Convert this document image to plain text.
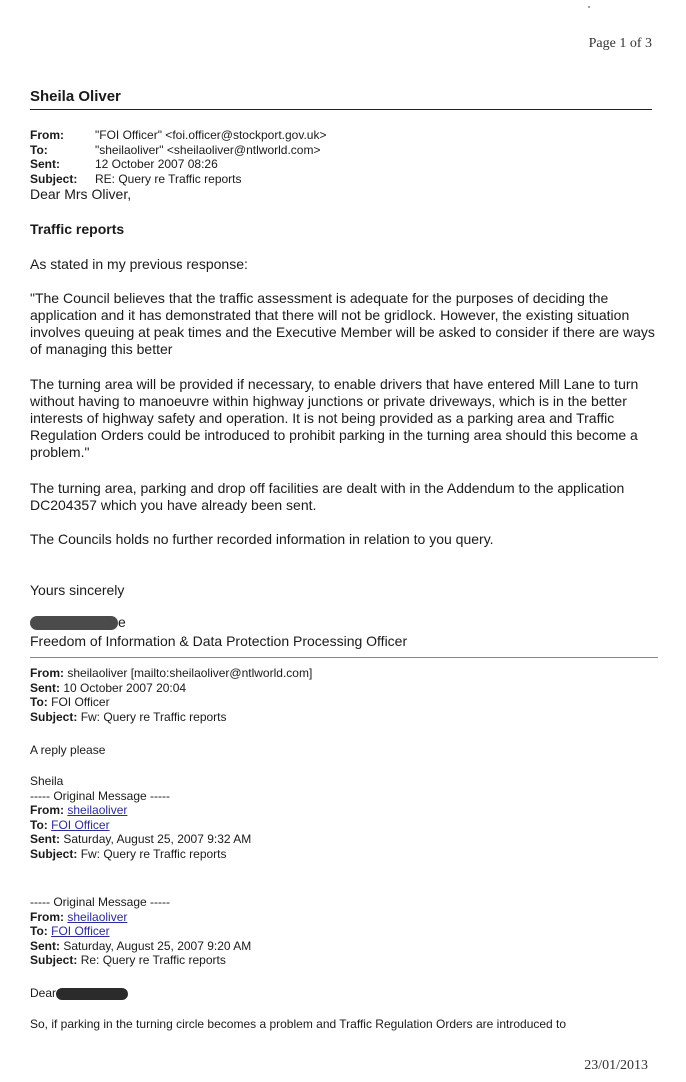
Page 1 of 3
Sheila Oliver
From:	"FOI Officer" <foi.officer@stockport.gov.uk>
To:	"sheilaoliver" <sheilaoliver@ntlworld.com>
Sent:	12 October 2007 08:26
Subject:	RE: Query re Traffic reports
Dear Mrs Oliver,
Traffic reports
As stated in my previous response:
"The Council believes that the traffic assessment is adequate for the purposes of deciding the application and it has demonstrated that there will not be gridlock. However, the existing situation involves queuing at peak times and the Executive Member will be asked to consider if there are ways of managing this better
The turning area will be provided if necessary, to enable drivers that have entered Mill Lane to turn without having to manoeuvre within highway junctions or private driveways, which is in the better interests of highway safety and operation. It is not being provided as a parking area and Traffic Regulation Orders could be introduced to prohibit parking in the turning area should this become a problem."
The turning area, parking and drop off facilities are dealt with in the Addendum to the application DC204357 which you have already been sent.
The Councils holds no further recorded information in relation to you query.
Yours sincerely
e
Freedom of Information & Data Protection Processing Officer
From: sheilaoliver [mailto:sheilaoliver@ntlworld.com]
Sent: 10 October 2007 20:04
To: FOI Officer
Subject: Fw: Query re Traffic reports
A reply please
Sheila
----- Original Message -----
From: sheilaoliver
To: FOI Officer
Sent: Saturday, August 25, 2007 9:32 AM
Subject: Fw: Query re Traffic reports
----- Original Message -----
From: sheilaoliver
To: FOI Officer
Sent: Saturday, August 25, 2007 9:20 AM
Subject: Re: Query re Traffic reports
Dear
So, if parking in the turning circle becomes a problem and Traffic Regulation Orders are introduced to
23/01/2013
